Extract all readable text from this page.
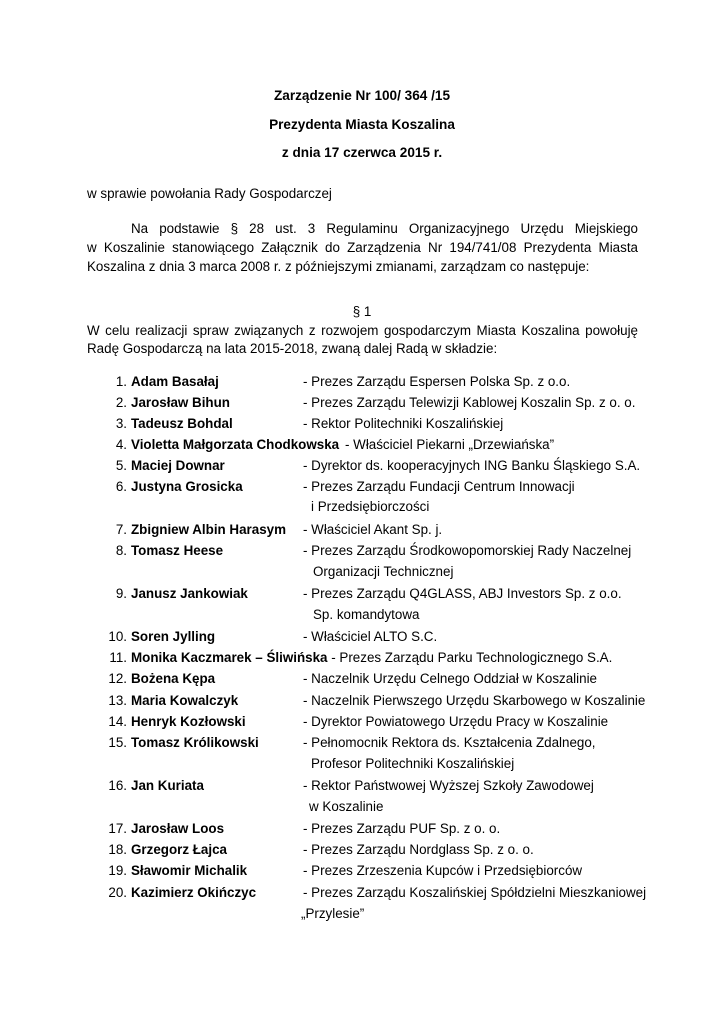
Zarządzenie Nr 100/ 364 /15
Prezydenta Miasta Koszalina
z dnia 17 czerwca 2015 r.
w sprawie powołania Rady Gospodarczej
Na podstawie § 28 ust. 3 Regulaminu Organizacyjnego Urzędu Miejskiego
w Koszalinie stanowiącego Załącznik do Zarządzenia Nr 194/741/08 Prezydenta Miasta
Koszalina z dnia 3 marca 2008 r. z późniejszymi zmianami, zarządzam co następuje:
§ 1
W celu realizacji spraw związanych z rozwojem gospodarczym Miasta Koszalina powołuję
Radę Gospodarczą na lata 2015-2018, zwaną dalej Radą w składzie:
1. Adam Basałaj	- Prezes Zarządu Espersen Polska Sp. z o.o.
2. Jarosław Bihun	- Prezes Zarządu Telewizji Kablowej Koszalin Sp. z o. o.
3. Tadeusz Bohdal	- Rektor Politechniki Koszalińskiej
4. Violetta Małgorzata Chodkowska - Właściciel Piekarni „Drzewiańska”
5. Maciej Downar	- Dyrektor ds. kooperacyjnych ING Banku Śląskiego S.A.
6. Justyna Grosicka	- Prezes Zarządu Fundacji Centrum Innowacji
i Przedsiębiorczości
7. Zbigniew Albin Harasym - Właściciel Akant Sp. j.
8. Tomasz Heese	- Prezes Zarządu Środkowopomorskiej Rady Naczelnej
Organizacji Technicznej
9. Janusz Jankowiak	- Prezes Zarządu Q4GLASS, ABJ Investors Sp. z o.o.
Sp. komandytowa
10. Soren Jylling	- Właściciel ALTO S.C.
11. Monika Kaczmarek – Śliwińska - Prezes Zarządu Parku Technologicznego S.A.
12. Bożena Kępa	- Naczelnik Urzędu Celnego Oddział w Koszalinie
13. Maria Kowalczyk	- Naczelnik Pierwszego Urzędu Skarbowego w Koszalinie
14. Henryk Kozłowski	- Dyrektor Powiatowego Urzędu Pracy w Koszalinie
15. Tomasz Królikowski	- Pełnomocnik Rektora ds. Kształcenia Zdalnego,
Profesor Politechniki Koszalińskiej
16. Jan Kuriata	- Rektor Państwowej Wyższej Szkoły Zawodowej
w Koszalinie
17. Jarosław Loos	- Prezes Zarządu PUF Sp. z o. o.
18. Grzegorz Łajca	- Prezes Zarządu Nordglass Sp. z o. o.
19. Sławomir Michalik	- Prezes Zrzeszenia Kupców i Przedsiębiorców
20. Kazimierz Okińczyc	- Prezes Zarządu Koszalińskiej Spółdzielni Mieszkaniowej
„Przylesie”
